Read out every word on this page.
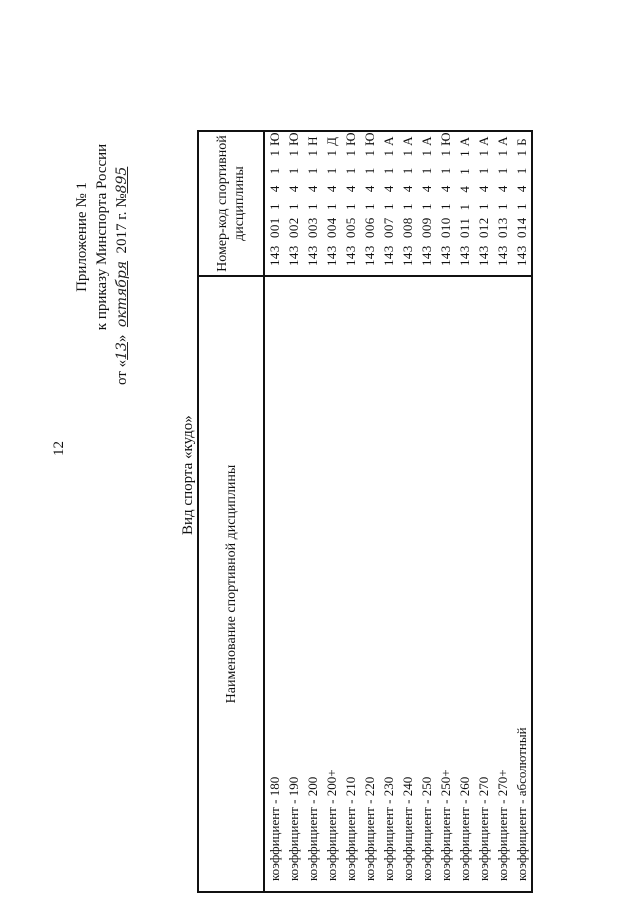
12
Приложение № 1 к приказу Минспорта России
от «13»  октября  2017 г. №895
Вид спорта «кудо» Наименование спортивной дисциплины	Номер-код спортивной дисциплины
коэффициент - 180	143  001  1   4   1   1 Ю
коэффициент - 190	143  002  1   4   1   1 Ю
коэффициент - 200	143  003  1   4   1   1 Н
коэффициент - 200+	143  004  1   4   1   1 Д
коэффициент - 210	143  005  1   4   1   1 Ю
коэффициент - 220	143  006  1   4   1   1 Ю
коэффициент - 230	143  007  1   4   1   1 А
коэффициент - 240	143  008  1   4   1   1 А
коэффициент - 250	143  009  1   4   1   1 А
коэффициент - 250+	143  010  1   4   1   1 Ю
коэффициент - 260	143  011  1   4   1   1 А
коэффициент - 270	143  012  1   4   1   1 А
коэффициент - 270+	143  013  1   4   1   1 А
коэффициент - абсолютный	143  014  1   4   1   1 Б
